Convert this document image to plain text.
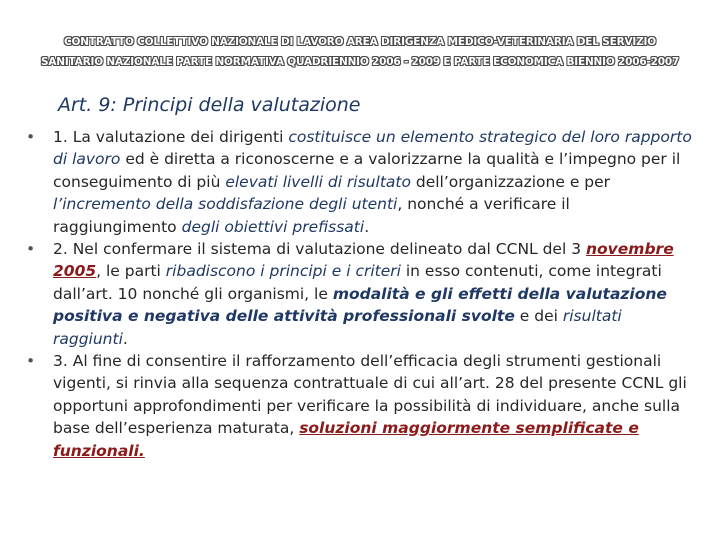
CONTRATTO COLLETTIVO NAZIONALE DI LAVORO AREA DIRIGENZA MEDICO-VETERINARIA DEL SERVIZIO
SANITARIO NAZIONALE PARTE NORMATIVA QUADRIENNIO 2006 - 2009 E PARTE ECONOMICA BIENNIO 2006-2007
Art. 9: Principi della valutazione

• 1. La valutazione dei dirigenti costituisce un elemento strategico del loro rapporto di lavoro ed è diretta a riconoscerne e a valorizzarne la qualità e l’impegno per il conseguimento di più elevati livelli di risultato dell’organizzazione e per l’incremento della soddisfazione degli utenti, nonché a verificare il raggiungimento degli obiettivi prefissati.

• 2. Nel confermare il sistema di valutazione delineato dal CCNL del 3 novembre 2005, le parti ribadiscono i principi e i criteri in esso contenuti, come integrati dall’art. 10 nonché gli organismi, le modalità e gli effetti della valutazione positiva e negativa delle attività professionali svolte e dei risultati raggiunti.

• 3. Al fine di consentire il rafforzamento dell’efficacia degli strumenti gestionali vigenti, si rinvia alla sequenza contrattuale di cui all’art. 28 del presente CCNL gli opportuni approfondimenti per verificare la possibilità di individuare, anche sulla base dell’esperienza maturata, soluzioni maggiormente semplificate e funzionali.
